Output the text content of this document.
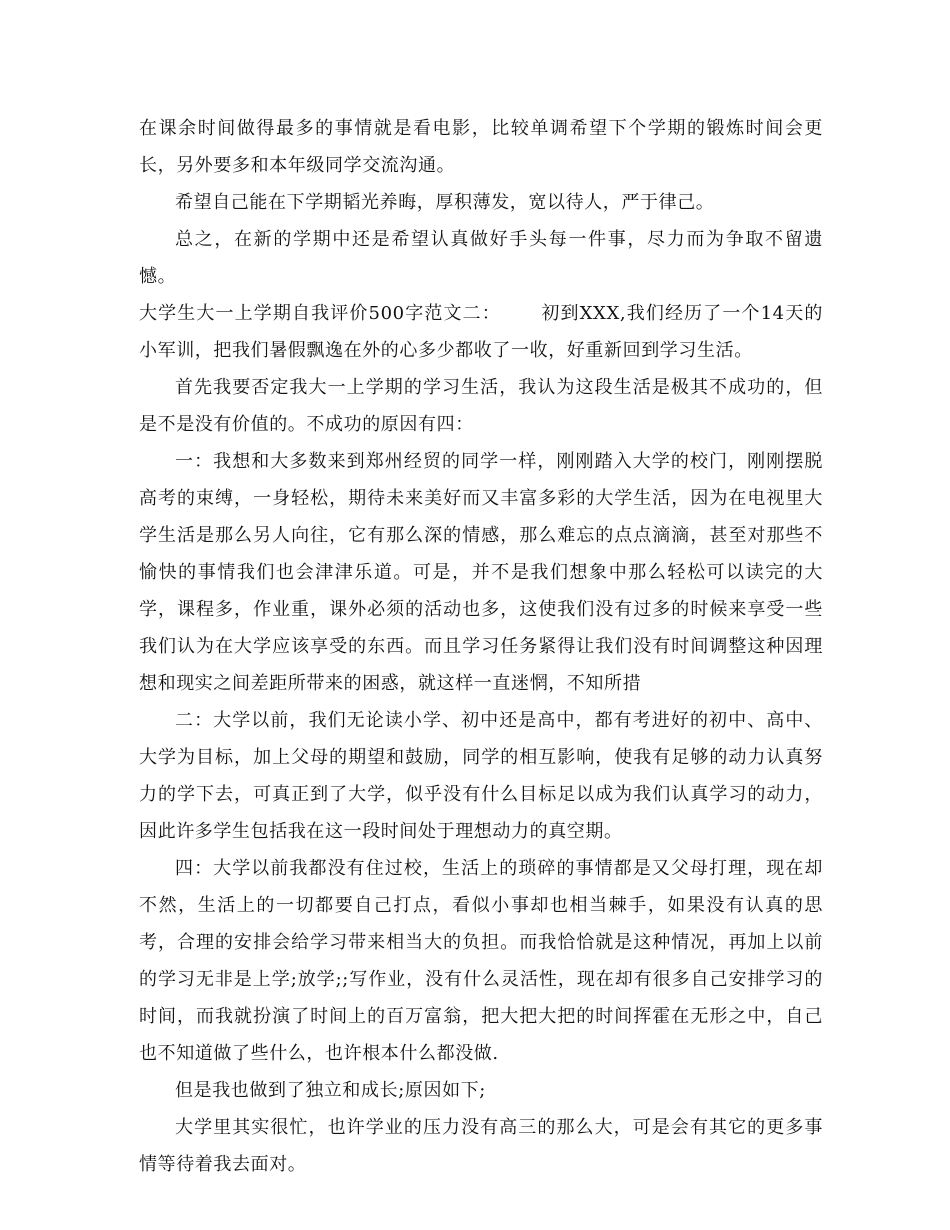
在课余时间做得最多的事情就是看电影，比较单调希望下个学期的锻炼时间会更长，另外要多和本年级同学交流沟通。

希望自己能在下学期韬光养晦，厚积薄发，宽以待人，严于律己。

总之，在新的学期中还是希望认真做好手头每一件事，尽力而为争取不留遗憾。

大学生大一上学期自我评价500字范文二： 初到XXX,我们经历了一个14天的小军训，把我们暑假飘逸在外的心多少都收了一收，好重新回到学习生活。

首先我要否定我大一上学期的学习生活，我认为这段生活是极其不成功的，但是不是没有价值的。不成功的原因有四：

一：我想和大多数来到郑州经贸的同学一样，刚刚踏入大学的校门，刚刚摆脱高考的束缚，一身轻松，期待未来美好而又丰富多彩的大学生活，因为在电视里大学生活是那么另人向往，它有那么深的情感，那么难忘的点点滴滴，甚至对那些不愉快的事情我们也会津津乐道。可是，并不是我们想象中那么轻松可以读完的大学，课程多，作业重，课外必须的活动也多，这使我们没有过多的时候来享受一些我们认为在大学应该享受的东西。而且学习任务紧得让我们没有时间调整这种因理想和现实之间差距所带来的困惑，就这样一直迷惘，不知所措

二：大学以前，我们无论读小学、初中还是高中，都有考进好的初中、高中、大学为目标，加上父母的期望和鼓励，同学的相互影响，使我有足够的动力认真努力的学下去，可真正到了大学，似乎没有什么目标足以成为我们认真学习的动力，因此许多学生包括我在这一段时间处于理想动力的真空期。

四：大学以前我都没有住过校，生活上的琐碎的事情都是又父母打理，现在却不然，生活上的一切都要自己打点，看似小事却也相当棘手，如果没有认真的思考，合理的安排会给学习带来相当大的负担。而我恰恰就是这种情况，再加上以前的学习无非是上学;放学;;写作业，没有什么灵活性，现在却有很多自己安排学习的时间，而我就扮演了时间上的百万富翁，把大把大把的时间挥霍在无形之中，自己也不知道做了些什么，也许根本什么都没做.

但是我也做到了独立和成长;原因如下;

大学里其实很忙，也许学业的压力没有高三的那么大，可是会有其它的更多事情等待着我去面对。
